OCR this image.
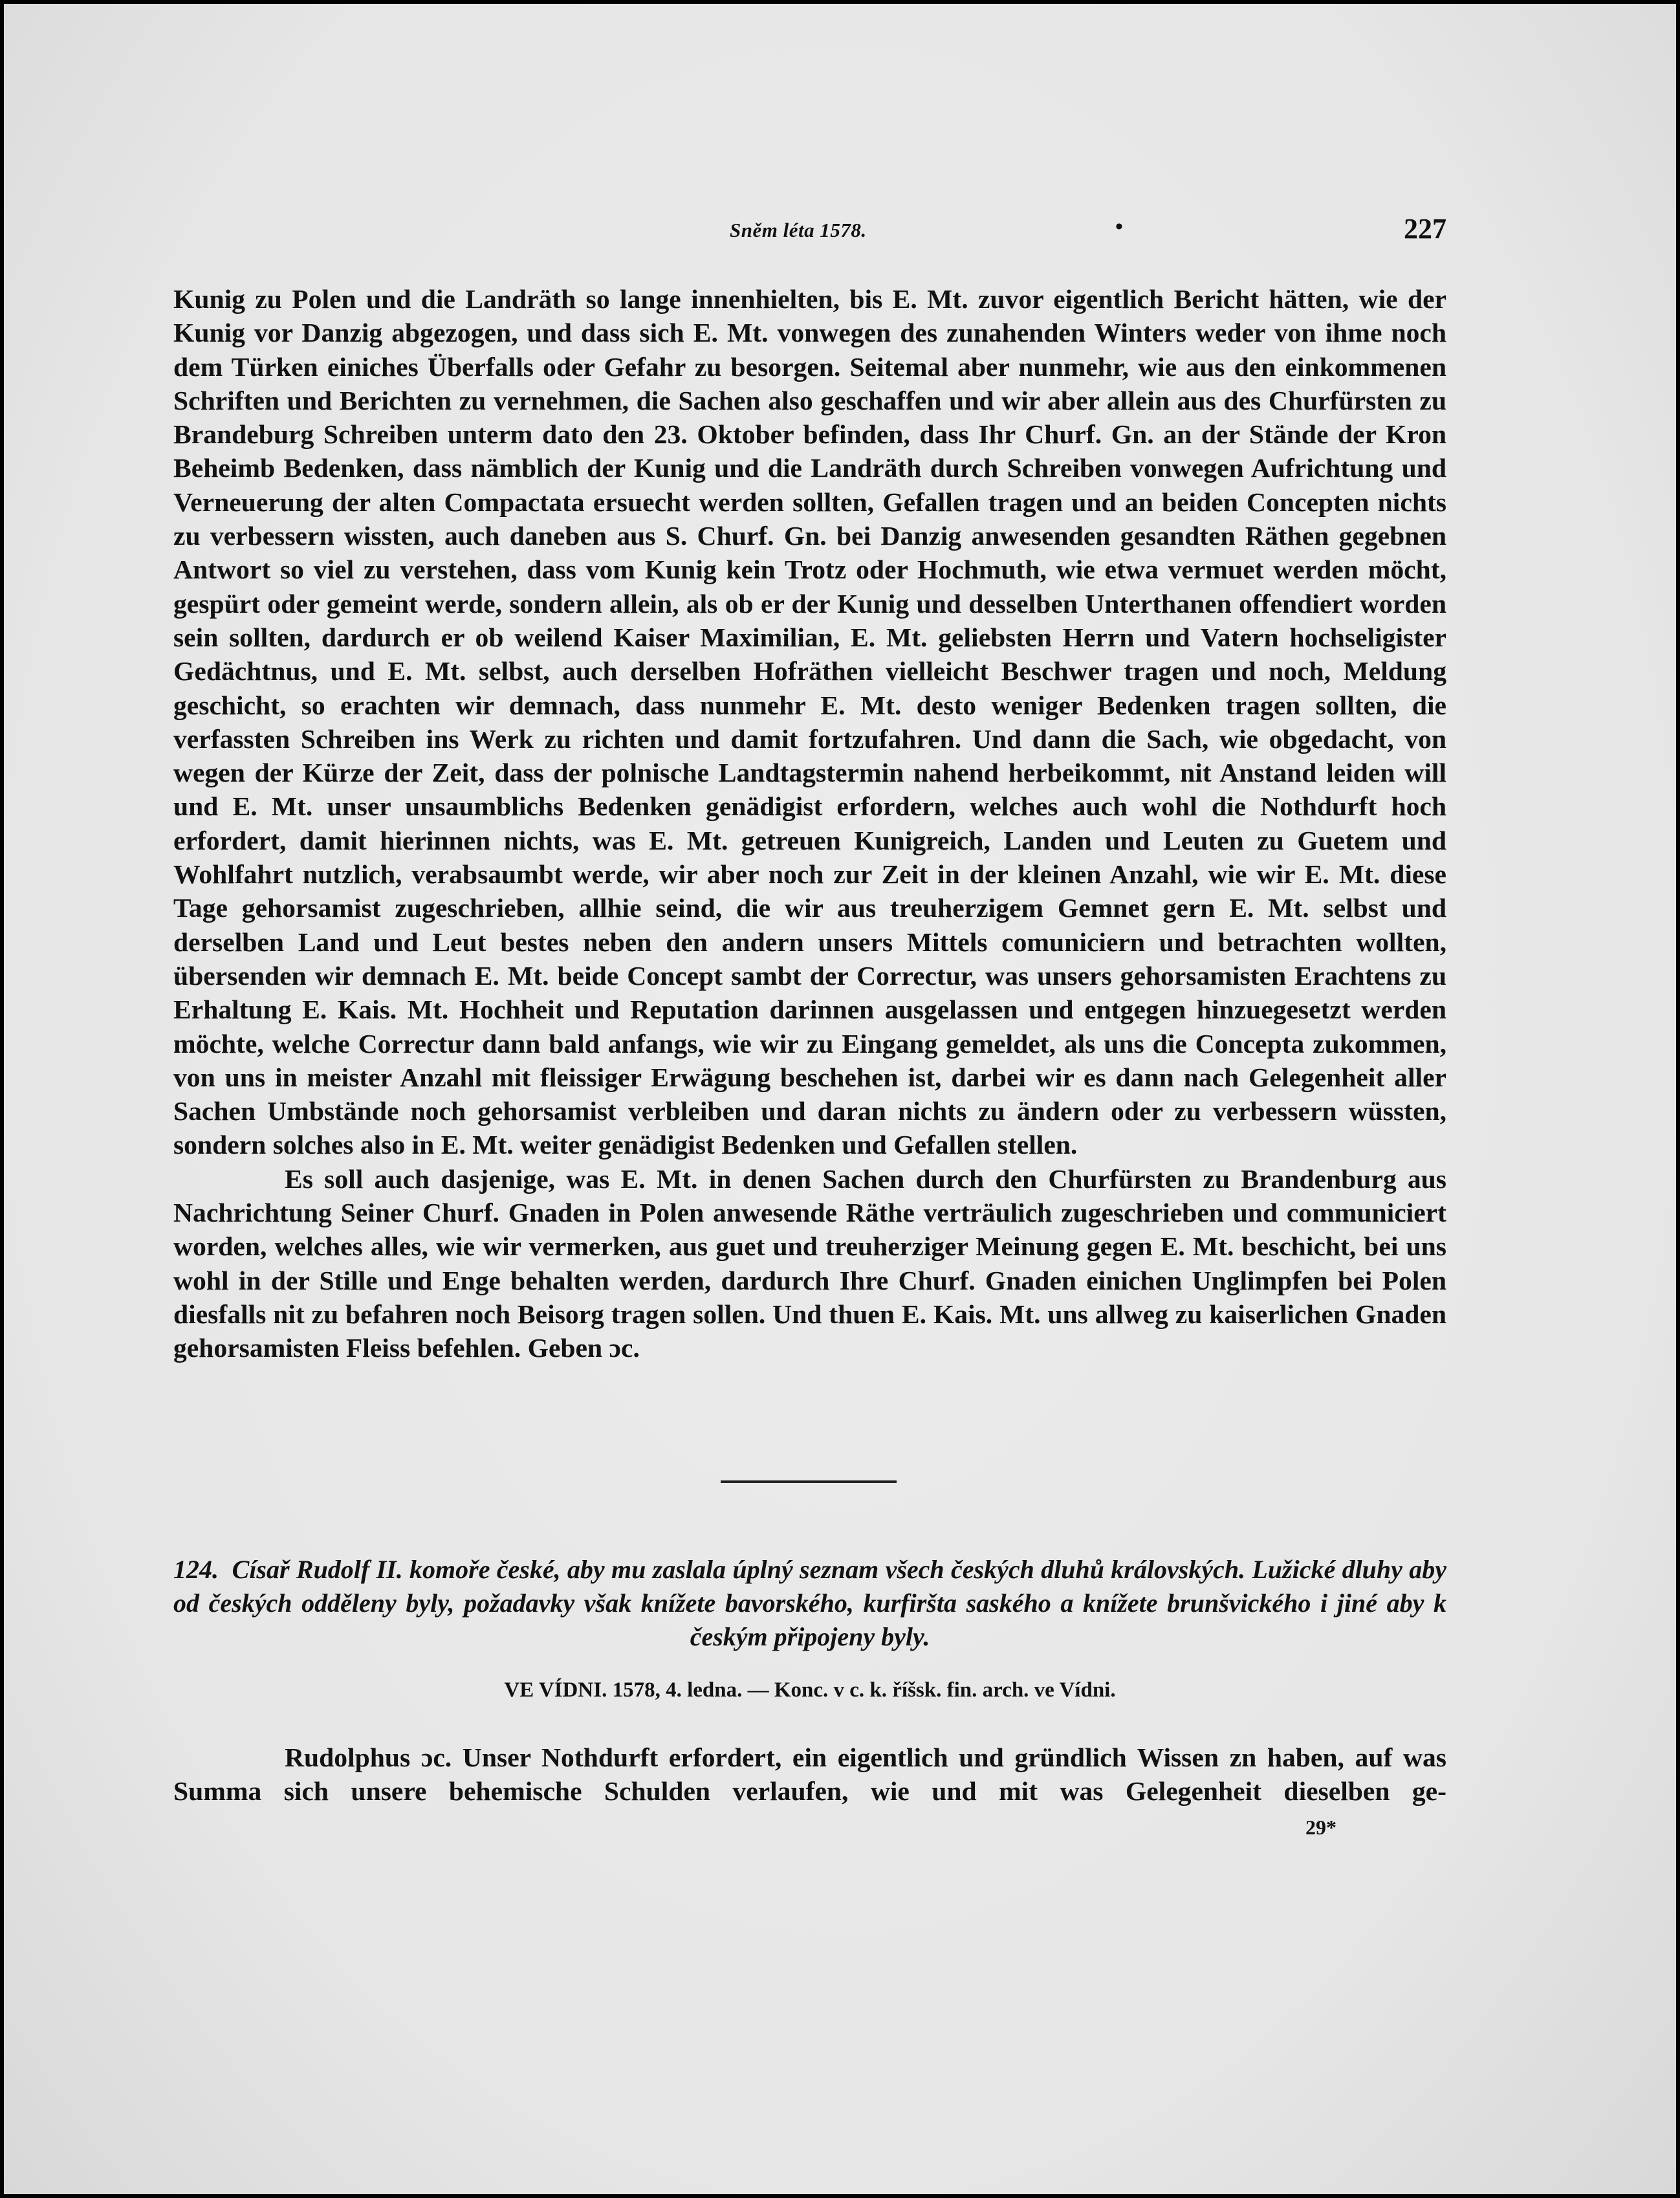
Sněm léta 1578.	•	227

Kunig zu Polen und die Landräth so lange innenhielten, bis E. Mt. zuvor eigentlich Bericht hätten, wie der Kunig vor Danzig abgezogen, und dass sich E. Mt. vonwegen des zunahenden Winters weder von ihme noch dem Türken einiches Überfalls oder Gefahr zu besorgen. Seitemal aber nunmehr, wie aus den einkommenen Schriften und Berichten zu vernehmen, die Sachen also geschaffen und wir aber allein aus des Churfürsten zu Brandeburg Schreiben unterm dato den 23. Oktober befinden, dass Ihr Churf. Gn. an der Stände der Kron Beheimb Bedenken, dass nämblich der Kunig und die Landräth durch Schreiben vonwegen Aufrichtung und Verneuerung der alten Compactata ersuecht werden sollten, Gefallen tragen und an beiden Concepten nichts zu verbessern wissten, auch daneben aus S. Churf. Gn. bei Danzig anwesenden gesandten Räthen gegebnen Antwort so viel zu verstehen, dass vom Kunig kein Trotz oder Hochmuth, wie etwa vermuet werden möcht, gespürt oder gemeint werde, sondern allein, als ob er der Kunig und desselben Unterthanen offendiert worden sein sollten, dardurch er ob weilend Kaiser Maximilian, E. Mt. geliebsten Herrn und Vatern hochseligister Gedächtnus, und E. Mt. selbst, auch derselben Hofräthen vielleicht Beschwer tragen und noch, Meldung geschicht, so erachten wir demnach, dass nunmehr E. Mt. desto weniger Bedenken tragen sollten, die verfassten Schreiben ins Werk zu richten und damit fortzufahren. Und dann die Sach, wie obgedacht, von wegen der Kürze der Zeit, dass der polnische Landtagstermin nahend herbeikommt, nit Anstand leiden will und E. Mt. unser unsaumblichs Bedenken genädigist erfordern, welches auch wohl die Nothdurft hoch erfordert, damit hierinnen nichts, was E. Mt. getreuen Kunigreich, Landen und Leuten zu Guetem und Wohlfahrt nutzlich, verabsaumbt werde, wir aber noch zur Zeit in der kleinen Anzahl, wie wir E. Mt. diese Tage gehorsamist zugeschrieben, allhie seind, die wir aus treuherzigem Gemnet gern E. Mt. selbst und derselben Land und Leut bestes neben den andern unsers Mittels comuniciern und betrachten wollten, übersenden wir demnach E. Mt. beide Concept sambt der Correctur, was unsers gehorsamisten Erachtens zu Erhaltung E. Kais. Mt. Hochheit und Reputation darinnen ausgelassen und entgegen hinzuegesetzt werden möchte, welche Correctur dann bald anfangs, wie wir zu Eingang gemeldet, als uns die Concepta zukommen, von uns in meister Anzahl mit fleissiger Erwägung beschehen ist, darbei wir es dann nach Gelegenheit aller Sachen Umbstände noch gehorsamist verbleiben und daran nichts zu ändern oder zu verbessern wüssten, sondern solches also in E. Mt. weiter genädigist Bedenken und Gefallen stellen.

Es soll auch dasjenige, was E. Mt. in denen Sachen durch den Churfürsten zu Brandenburg aus Nachrichtung Seiner Churf. Gnaden in Polen anwesende Räthe verträulich zugeschrieben und communiciert worden, welches alles, wie wir vermerken, aus guet und treuherziger Meinung gegen E. Mt. beschicht, bei uns wohl in der Stille und Enge behalten werden, dardurch Ihre Churf. Gnaden einichen Unglimpfen bei Polen diesfalls nit zu befahren noch Beisorg tragen sollen. Und thuen E. Kais. Mt. uns allweg zu kaiserlichen Gnaden gehorsamisten Fleiss befehlen. Geben ɔc.

124. Císař Rudolf II. komoře české, aby mu zaslala úplný seznam všech českých dluhů královských. Lužické dluhy aby od českých odděleny byly, požadavky však knížete bavorského, kurfiršta saského a knížete brunšvického i jiné aby k českým připojeny byly.
VE VÍDNI. 1578, 4. ledna. — Konc. v c. k. říšsk. fin. arch. ve Vídni.
Rudolphus ɔc. Unser Nothdurft erfordert, ein eigentlich und gründlich Wissen zn haben, auf was Summa sich unsere behemische Schulden verlaufen, wie und mit was Gelegenheit dieselben ge-
29*
